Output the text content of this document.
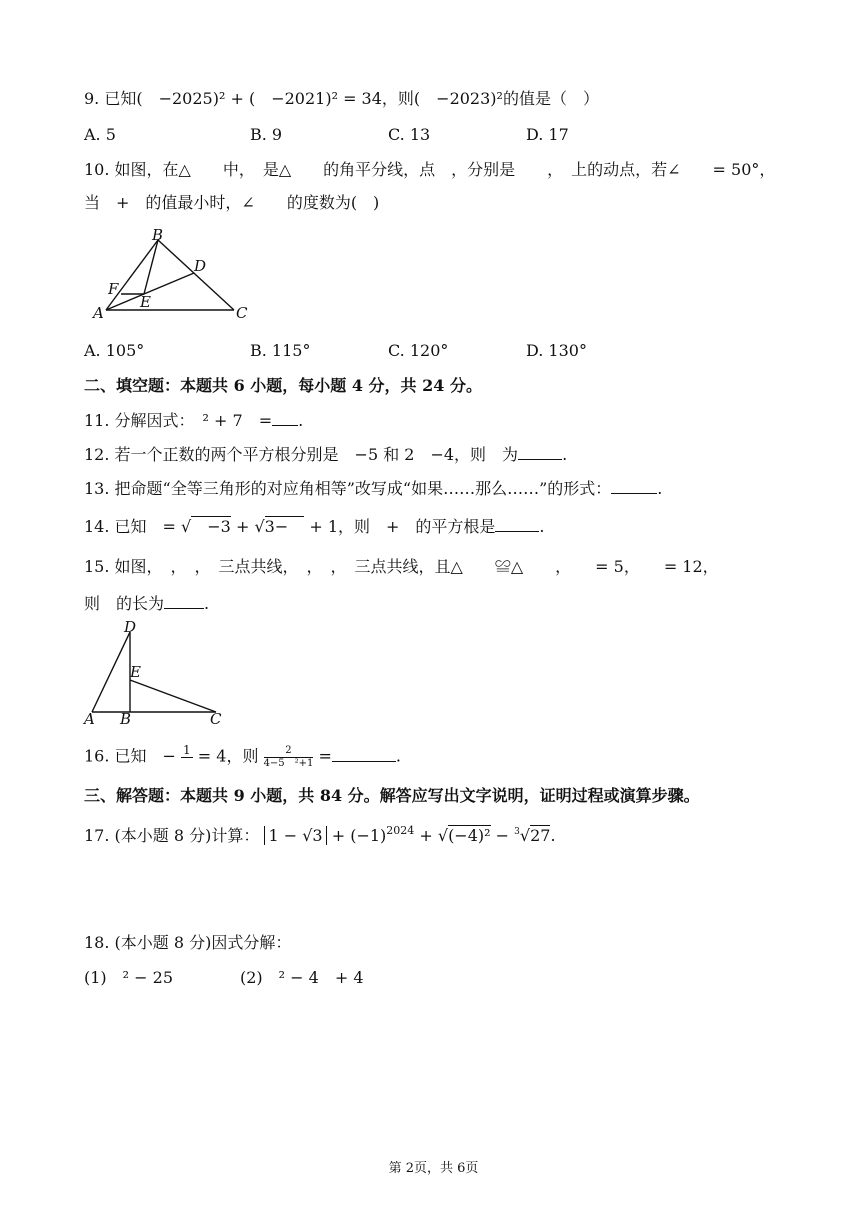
9. 已知(　−2025)² + (　−2021)² = 34，则(　−2023)²的值是（　）
A. 5	B. 9	C. 13	D. 17
10. 如图，在△　　中，　是△　　的角平分线，点　，分别是　　，　上的动点，若∠　　= 50°，
当　+　的值最小时，∠　　的度数为(　)
B
D
F
E
A	C
A. 105°	B. 115°	C. 120°	D. 130°
二、填空题：本题共 6 小题，每小题 4 分，共 24 分。
11. 分解因式：　² + 7　= .
12. 若一个正数的两个平方根分别是　−5 和 2　−4，则　为	.
13. 把命题“全等三角形的对应角相等”改写成“如果……那么……”的形式：	.
14. 已知　= √　−3 + √3−　 + 1，则　+　的平方根是	.
15. 如图，　，　，　三点共线，　，　，　三点共线，且△　　≌△　　，　　= 5，　　= 12，
则　的长为	.
D
E
A B	C
16. 已知　− 1 = 4，则 $\frac{2}{\text{4−5　²+1}}$ =	.
三、解答题：本题共 9 小题，共 84 分。解答应写出文字说明，证明过程或演算步骤。
17. (本小题 8 分)计算： $1 - √3 + (-1)^{2024} + √(-4)^2 - ^3√27$.
18. (本小题 8 分)因式分解：
(1)　² − 25	(2)　² − 4　+ 4
第 2页，共 6页
